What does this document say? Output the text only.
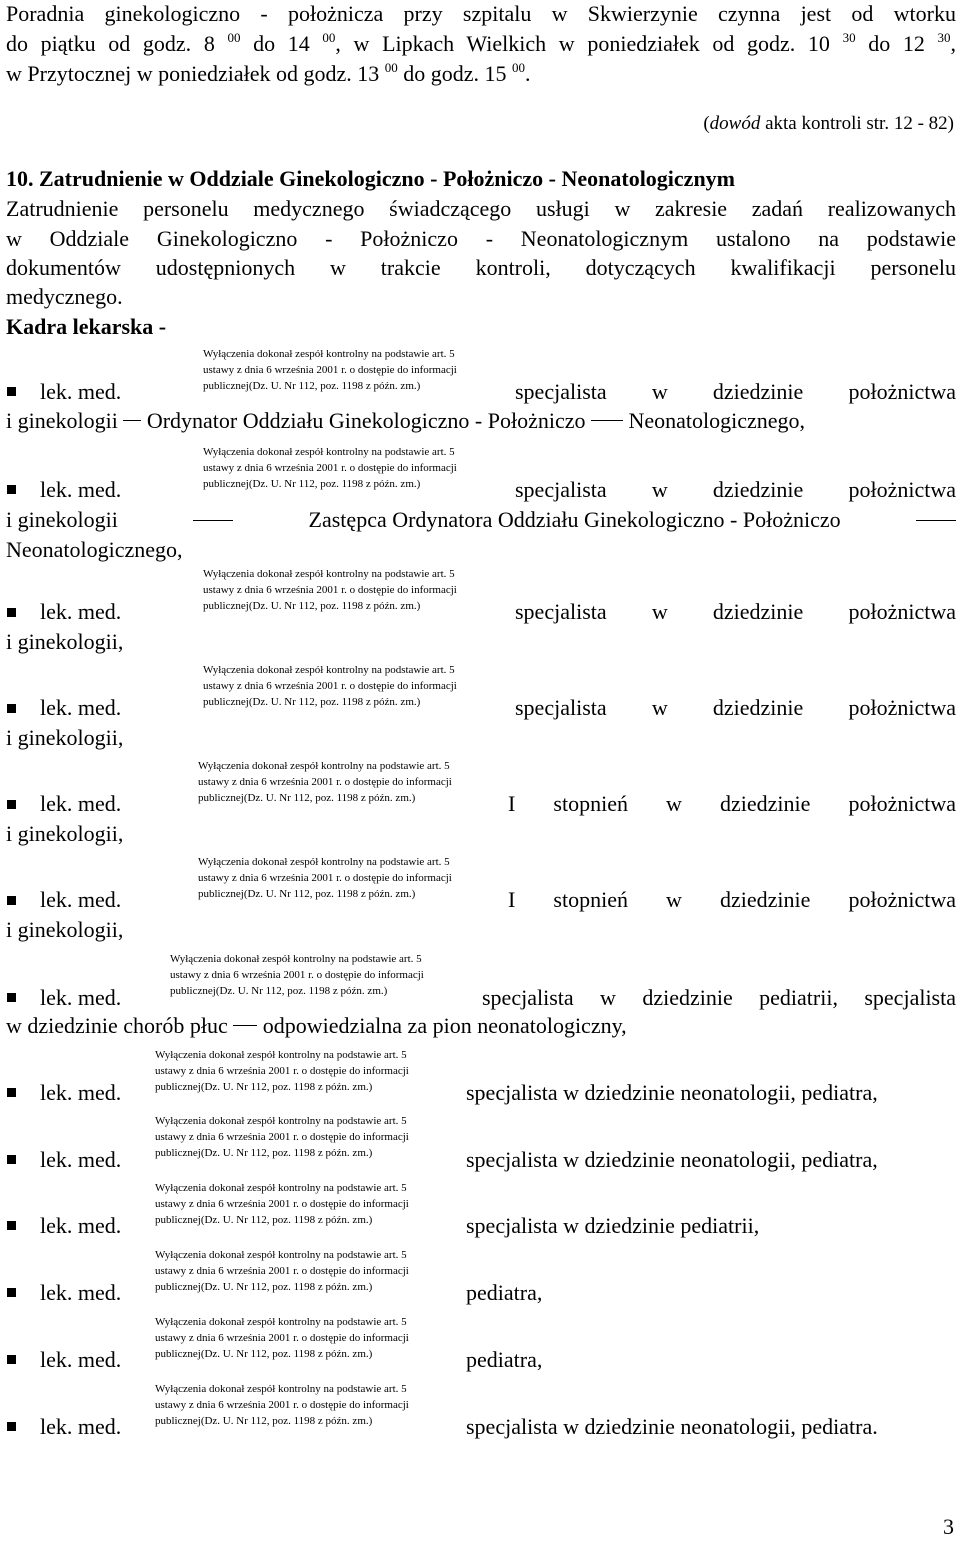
Poradnia ginekologiczno - położnicza przy szpitalu w Skwierzynie czynna jest od wtorku
do piątku od godz. 8 $^{00}$ do 14 $^{00}$, w Lipkach Wielkich w poniedziałek od godz. 10 $^{30}$ do 12 $^{30}$,
w Przytocznej w poniedziałek od godz. 13 $^{00}$ do godz. 15 $^{00}$.
(dowód akta kontroli str. 12 - 82)
10. Zatrudnienie w Oddziale Ginekologiczno - Położniczo - Neonatologicznym
Zatrudnienie personelu medycznego świadczącego usługi w zakresie zadań realizowanych
w Oddziale Ginekologiczno - Położniczo - Neonatologicznym ustalono na podstawie
dokumentów udostępnionych w trakcie kontroli, dotyczących kwalifikacji personelu
medycznego.
Kadra lekarska -
Wyłączenia dokonał zespół kontrolny na podstawie art. 5
ustawy z dnia 6 września 2001 r. o dostępie do informacji
publicznej(Dz. U. Nr 112, poz. 1198 z późn. zm.)
lek. med.	specjalista w dziedzinie położnictwa
i ginekologii  Ordynator Oddziału Ginekologiczno - Położniczo  Neonatologicznego,
Wyłączenia dokonał zespół kontrolny na podstawie art. 5
ustawy z dnia 6 września 2001 r. o dostępie do informacji
publicznej(Dz. U. Nr 112, poz. 1198 z późn. zm.)
lek. med.	specjalista w dziedzinie położnictwa
i ginekologii	Zastępca Ordynatora Oddziału Ginekologiczno - Położniczo
Neonatologicznego,
Wyłączenia dokonał zespół kontrolny na podstawie art. 5
ustawy z dnia 6 września 2001 r. o dostępie do informacji
publicznej(Dz. U. Nr 112, poz. 1198 z późn. zm.)
lek. med.	specjalista w dziedzinie położnictwa
i ginekologii,
Wyłączenia dokonał zespół kontrolny na podstawie art. 5
ustawy z dnia 6 września 2001 r. o dostępie do informacji
publicznej(Dz. U. Nr 112, poz. 1198 z późn. zm.)
lek. med.	specjalista w dziedzinie położnictwa
i ginekologii,
Wyłączenia dokonał zespół kontrolny na podstawie art. 5
ustawy z dnia 6 września 2001 r. o dostępie do informacji
publicznej(Dz. U. Nr 112, poz. 1198 z późn. zm.)
lek. med.	I stopnień w dziedzinie położnictwa
i ginekologii,
Wyłączenia dokonał zespół kontrolny na podstawie art. 5
ustawy z dnia 6 września 2001 r. o dostępie do informacji
publicznej(Dz. U. Nr 112, poz. 1198 z późn. zm.)
lek. med.	I stopnień w dziedzinie położnictwa
i ginekologii,
Wyłączenia dokonał zespół kontrolny na podstawie art. 5
ustawy z dnia 6 września 2001 r. o dostępie do informacji
publicznej(Dz. U. Nr 112, poz. 1198 z późn. zm.)
lek. med.	specjalista w dziedzinie pediatrii, specjalista
w dziedzinie chorób płuc  odpowiedzialna za pion neonatologiczny,
Wyłączenia dokonał zespół kontrolny na podstawie art. 5
ustawy z dnia 6 września 2001 r. o dostępie do informacji
publicznej(Dz. U. Nr 112, poz. 1198 z późn. zm.)
lek. med.	specjalista w dziedzinie neonatologii, pediatra,
Wyłączenia dokonał zespół kontrolny na podstawie art. 5
ustawy z dnia 6 września 2001 r. o dostępie do informacji
publicznej(Dz. U. Nr 112, poz. 1198 z późn. zm.)
lek. med.	specjalista w dziedzinie neonatologii, pediatra,
Wyłączenia dokonał zespół kontrolny na podstawie art. 5
ustawy z dnia 6 września 2001 r. o dostępie do informacji
publicznej(Dz. U. Nr 112, poz. 1198 z późn. zm.)
lek. med.	specjalista w dziedzinie pediatrii,
Wyłączenia dokonał zespół kontrolny na podstawie art. 5
ustawy z dnia 6 września 2001 r. o dostępie do informacji
publicznej(Dz. U. Nr 112, poz. 1198 z późn. zm.)
lek. med.	pediatra,
Wyłączenia dokonał zespół kontrolny na podstawie art. 5
ustawy z dnia 6 września 2001 r. o dostępie do informacji
publicznej(Dz. U. Nr 112, poz. 1198 z późn. zm.)
lek. med.	pediatra,
Wyłączenia dokonał zespół kontrolny na podstawie art. 5
ustawy z dnia 6 września 2001 r. o dostępie do informacji
publicznej(Dz. U. Nr 112, poz. 1198 z późn. zm.)
lek. med.	specjalista w dziedzinie neonatologii, pediatra.
3
